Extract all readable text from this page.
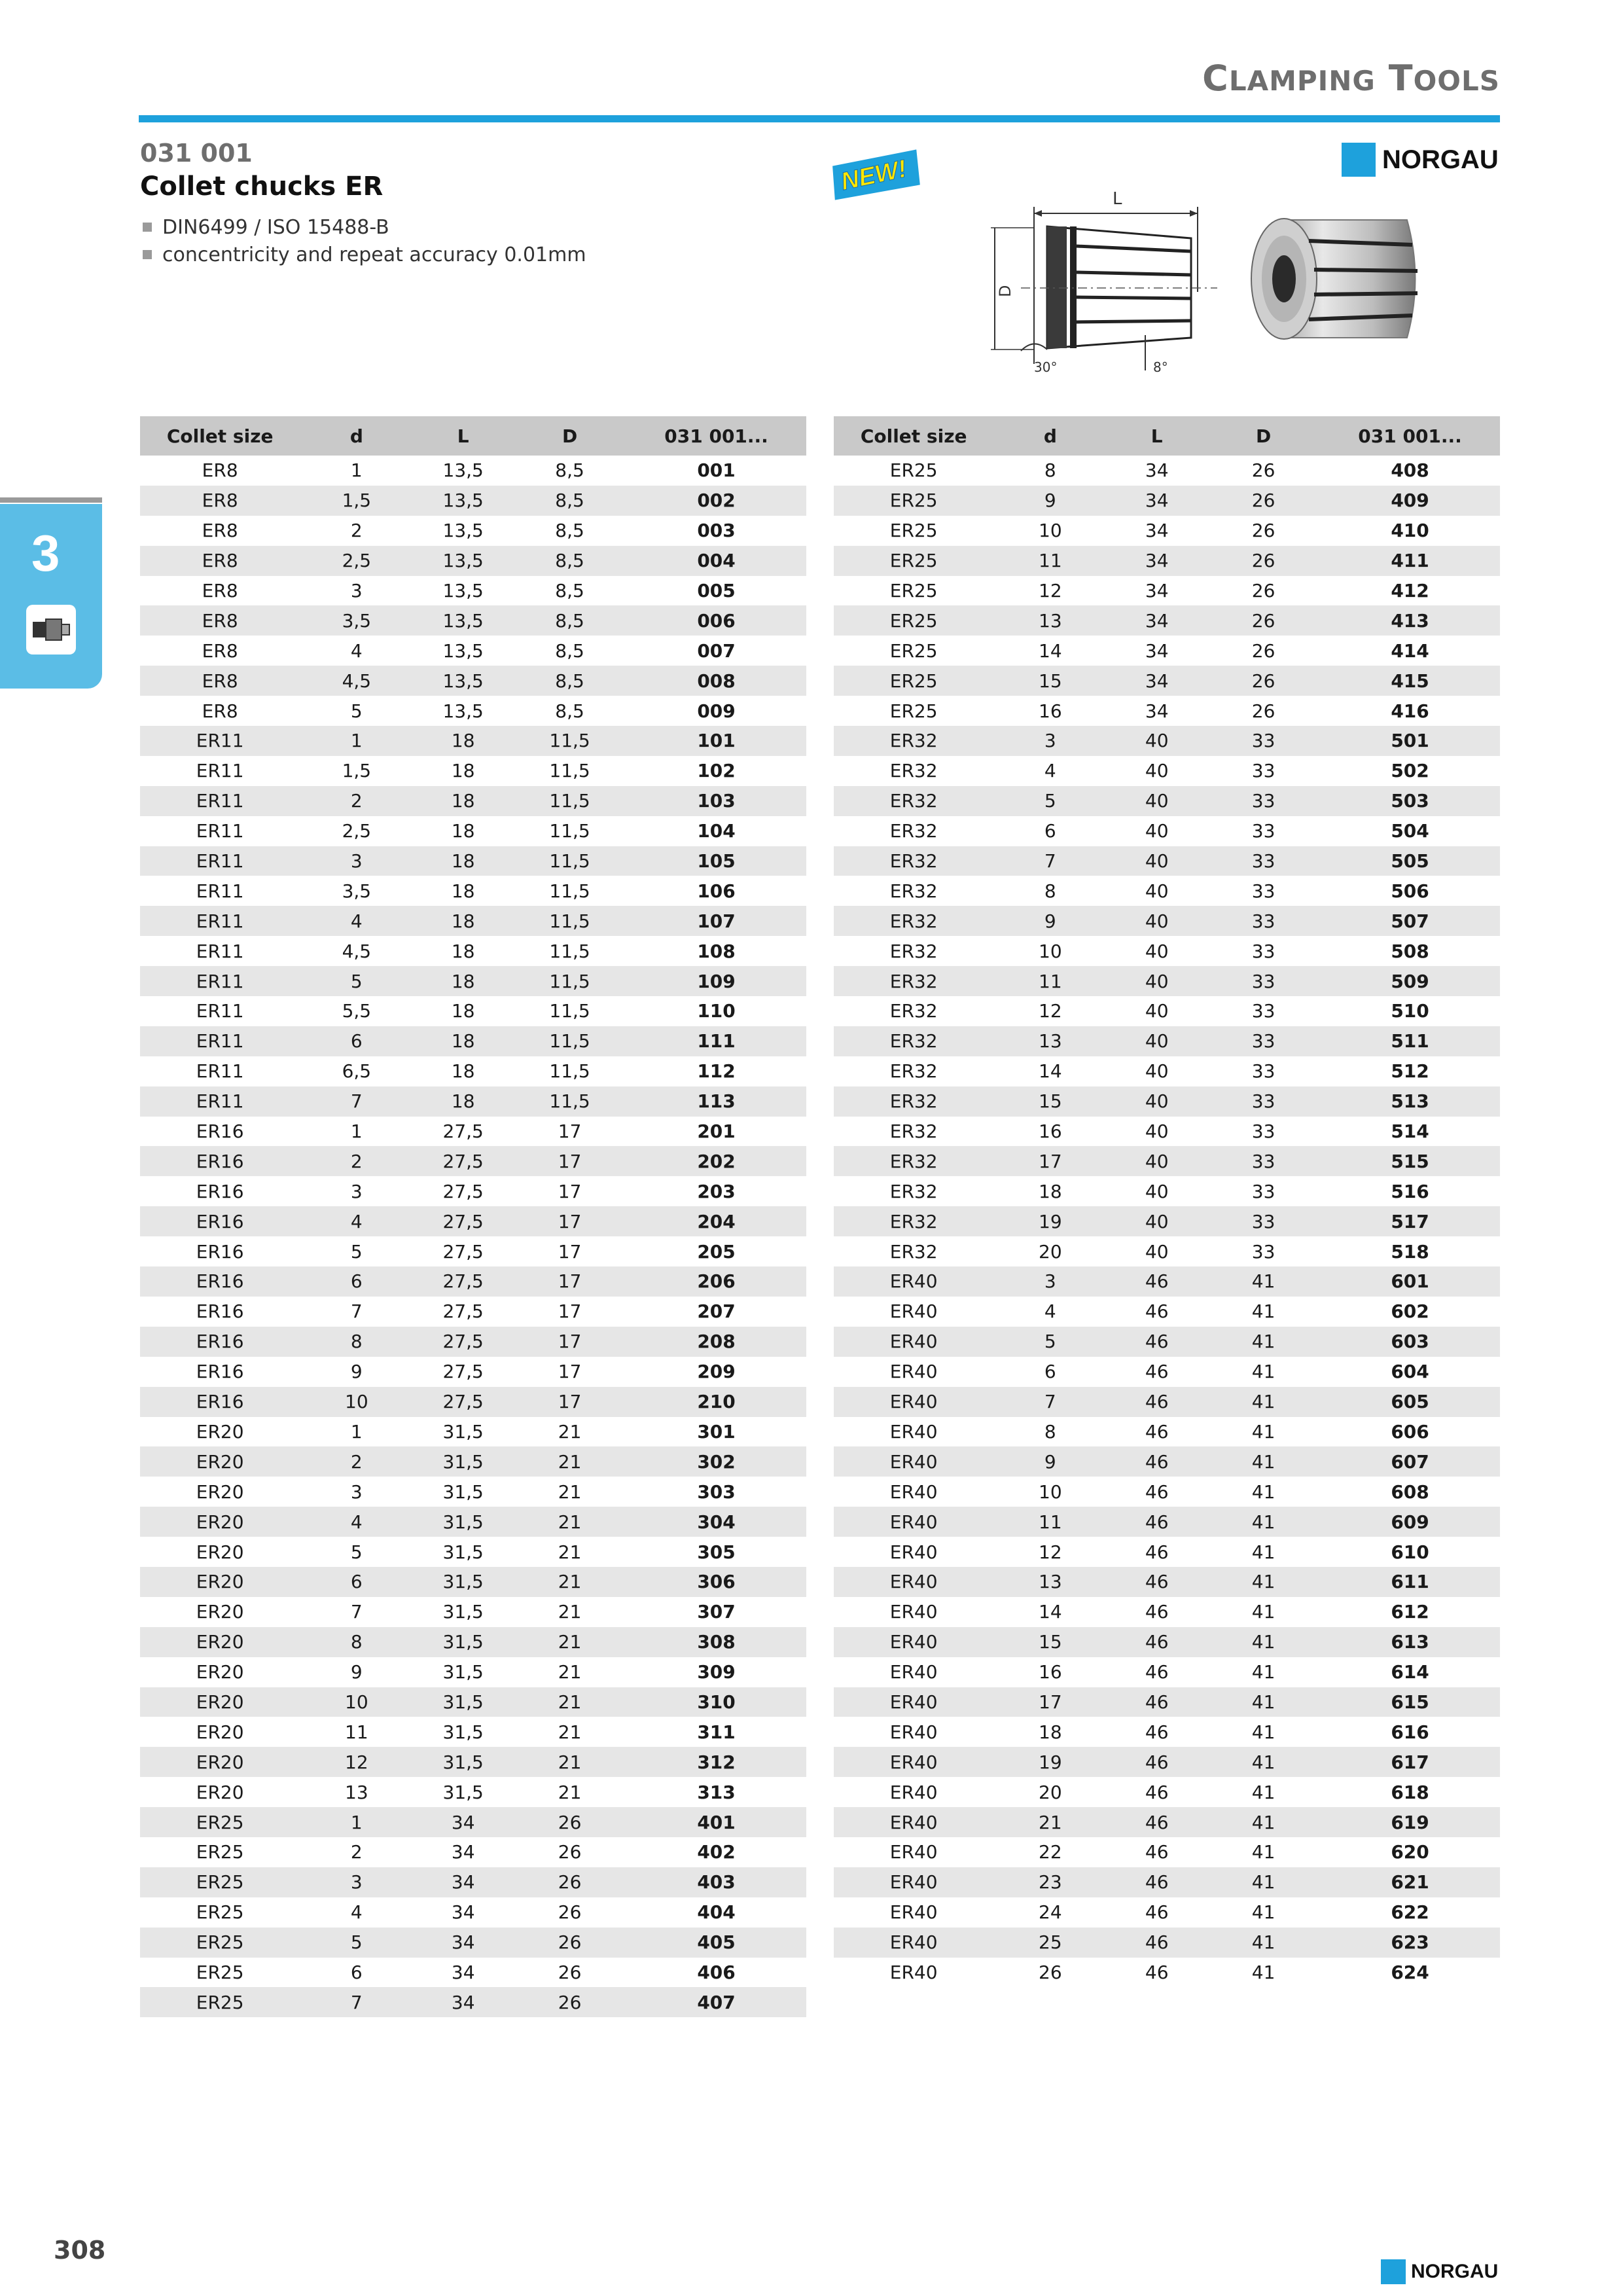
CLAMPING TOOLS
031 001
Collet chucks ER
DIN6499 / ISO 15488-B
concentricity and repeat accuracy 0.01mm
NEW!
L
D
30°	8°
NORGAU
3
Collet size	d	L	D	031 001...
ER8	1	13,5	8,5	001
ER8	1,5	13,5	8,5	002
ER8	2	13,5	8,5	003
ER8	2,5	13,5	8,5	004
ER8	3	13,5	8,5	005
ER8	3,5	13,5	8,5	006
ER8	4	13,5	8,5	007
ER8	4,5	13,5	8,5	008
ER8	5	13,5	8,5	009
ER11	1	18	11,5	101
ER11	1,5	18	11,5	102
ER11	2	18	11,5	103
ER11	2,5	18	11,5	104
ER11	3	18	11,5	105
ER11	3,5	18	11,5	106
ER11	4	18	11,5	107
ER11	4,5	18	11,5	108
ER11	5	18	11,5	109
ER11	5,5	18	11,5	110
ER11	6	18	11,5	111
ER11	6,5	18	11,5	112
ER11	7	18	11,5	113
ER16	1	27,5	17	201
ER16	2	27,5	17	202
ER16	3	27,5	17	203
ER16	4	27,5	17	204
ER16	5	27,5	17	205
ER16	6	27,5	17	206
ER16	7	27,5	17	207
ER16	8	27,5	17	208
ER16	9	27,5	17	209
ER16	10	27,5	17	210
ER20	1	31,5	21	301
ER20	2	31,5	21	302
ER20	3	31,5	21	303
ER20	4	31,5	21	304
ER20	5	31,5	21	305
ER20	6	31,5	21	306
ER20	7	31,5	21	307
ER20	8	31,5	21	308
ER20	9	31,5	21	309
ER20	10	31,5	21	310
ER20	11	31,5	21	311
ER20	12	31,5	21	312
ER20	13	31,5	21	313
ER25	1	34	26	401
ER25	2	34	26	402
ER25	3	34	26	403
ER25	4	34	26	404
ER25	5	34	26	405
ER25	6	34	26	406
ER25	7	34	26	407
Collet size	d	L	D	031 001...
ER25	8	34	26	408
ER25	9	34	26	409
ER25	10	34	26	410
ER25	11	34	26	411
ER25	12	34	26	412
ER25	13	34	26	413
ER25	14	34	26	414
ER25	15	34	26	415
ER25	16	34	26	416
ER32	3	40	33	501
ER32	4	40	33	502
ER32	5	40	33	503
ER32	6	40	33	504
ER32	7	40	33	505
ER32	8	40	33	506
ER32	9	40	33	507
ER32	10	40	33	508
ER32	11	40	33	509
ER32	12	40	33	510
ER32	13	40	33	511
ER32	14	40	33	512
ER32	15	40	33	513
ER32	16	40	33	514
ER32	17	40	33	515
ER32	18	40	33	516
ER32	19	40	33	517
ER32	20	40	33	518
ER40	3	46	41	601
ER40	4	46	41	602
ER40	5	46	41	603
ER40	6	46	41	604
ER40	7	46	41	605
ER40	8	46	41	606
ER40	9	46	41	607
ER40	10	46	41	608
ER40	11	46	41	609
ER40	12	46	41	610
ER40	13	46	41	611
ER40	14	46	41	612
ER40	15	46	41	613
ER40	16	46	41	614
ER40	17	46	41	615
ER40	18	46	41	616
ER40	19	46	41	617
ER40	20	46	41	618
ER40	21	46	41	619
ER40	22	46	41	620
ER40	23	46	41	621
ER40	24	46	41	622
ER40	25	46	41	623
ER40	26	46	41	624
308
NORGAU
